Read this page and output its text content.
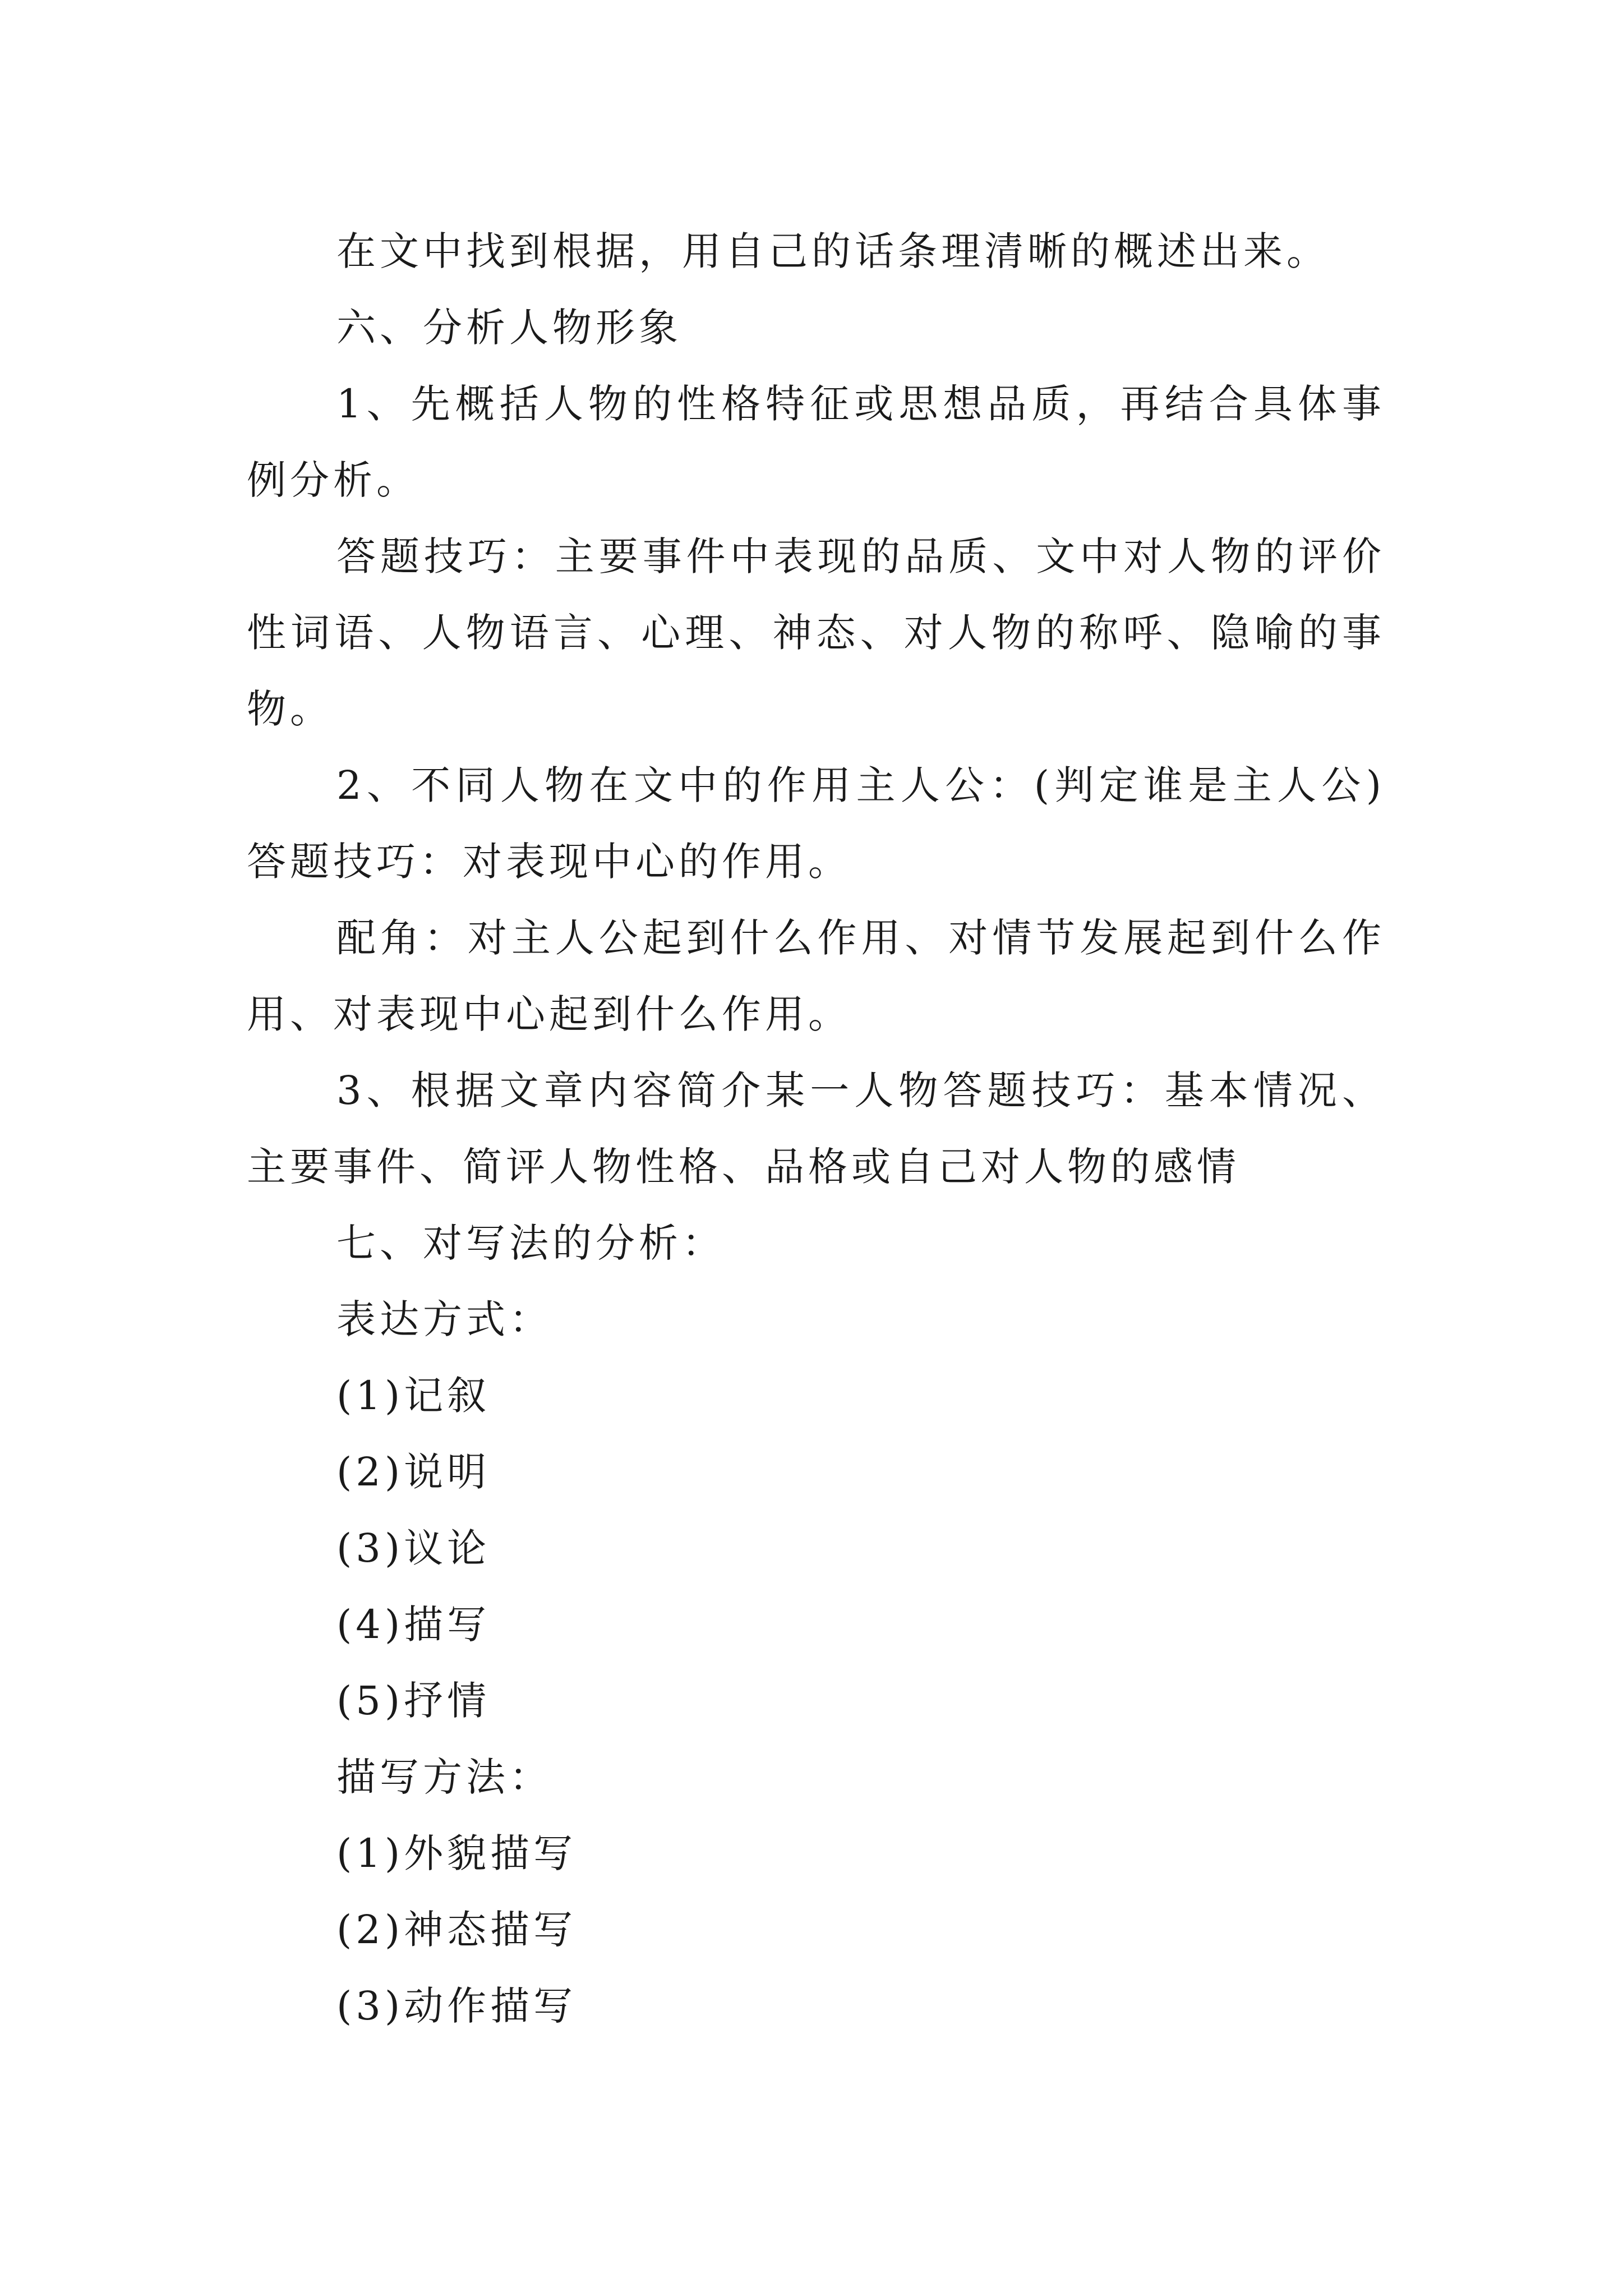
在文中找到根据，用自己的话条理清晰的概述出来。

六、分析人物形象

1、先概括人物的性格特征或思想品质，再结合具体事例分析。

答题技巧：主要事件中表现的品质、文中对人物的评价性词语、人物语言、心理、神态、对人物的称呼、隐喻的事物。

2、不同人物在文中的作用主人公：(判定谁是主人公)答题技巧：对表现中心的作用。

配角：对主人公起到什么作用、对情节发展起到什么作用、对表现中心起到什么作用。

3、根据文章内容简介某一人物答题技巧：基本情况、主要事件、简评人物性格、品格或自己对人物的感情

七、对写法的分析：

表达方式：

(1)记叙

(2)说明

(3)议论

(4)描写

(5)抒情

描写方法：

(1)外貌描写

(2)神态描写

(3)动作描写
